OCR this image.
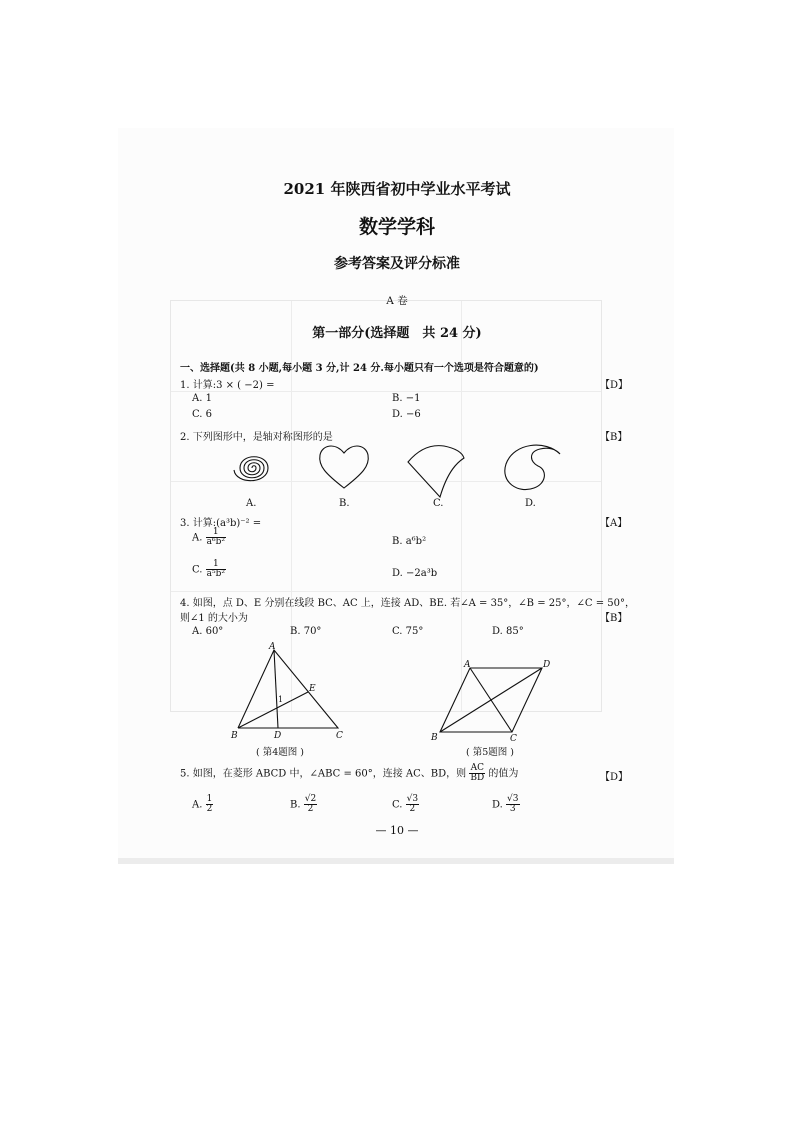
2021 年陕西省初中学业水平考试
数学学科
参考答案及评分标准
A 卷
第一部分(选择题　共 24 分)
一、选择题(共 8 小题,每小题 3 分,计 24 分.每小题只有一个选项是符合题意的)
1. 计算:3 × ( −2) =	【D】
A. 1	B. −1
C. 6	D. −6
2. 下列图形中，是轴对称图形的是	【B】
A.	B.	C.	D.
3. 计算:(a³b)⁻² =	【A】
A. $\frac{1}{\text{a⁶b²}}$	B. a⁶b²
C. $\frac{1}{\text{a⁵b²}}$	D. −2a³b
4. 如图，点 D、E 分别在线段 BC、AC 上，连接 AD、BE. 若∠A = 35°，∠B = 25°，∠C = 50°，
则∠1 的大小为	【B】
A. 60°	B. 70°	C. 75°	D. 85°
A
E
1
B	D	C
( 第4题图 )
A	D
B	C
( 第5题图 )
5. 如图，在菱形 ABCD 中，∠ABC = 60°，连接 AC、BD，则 $\frac{AC}{BD}$ 的值为	【D】
A. $\frac{1}{2}$	B. $\frac{√2}{2}$	C. $\frac{√3}{2}$	D. $\frac{√3}{3}$
— 10 —
